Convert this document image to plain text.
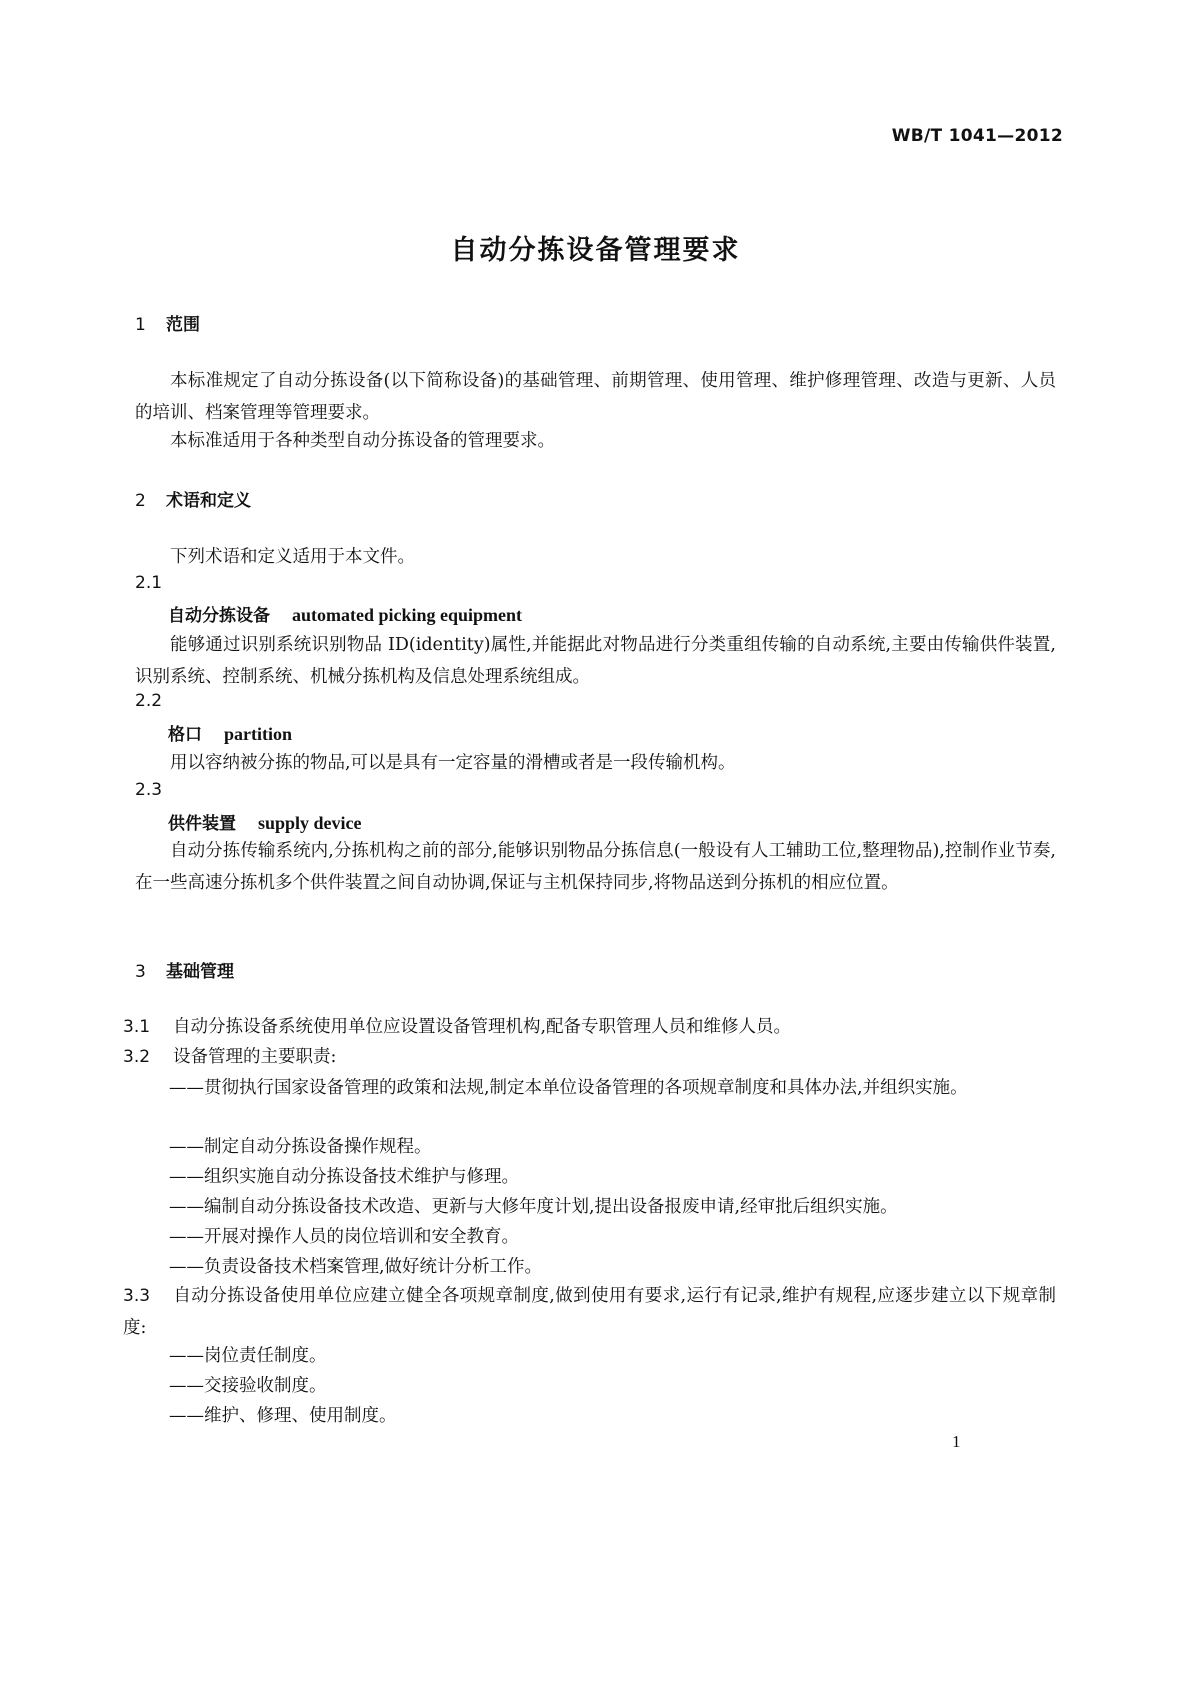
WB/T 1041—2012
自动分拣设备管理要求
1 范围
本标准规定了自动分拣设备(以下简称设备)的基础管理、前期管理、使用管理、维护修理管理、改造与更新、人员的培训、档案管理等管理要求。
本标准适用于各种类型自动分拣设备的管理要求。
2 术语和定义
下列术语和定义适用于本文件。
2.1
自动分拣设备 automated picking equipment
能够通过识别系统识别物品 ID(identity)属性,并能据此对物品进行分类重组传输的自动系统,主要由传输供件装置,识别系统、控制系统、机械分拣机构及信息处理系统组成。
2.2
格口 partition
用以容纳被分拣的物品,可以是具有一定容量的滑槽或者是一段传输机构。
2.3
供件装置 supply device
自动分拣传输系统内,分拣机构之前的部分,能够识别物品分拣信息(一般设有人工辅助工位,整理物品),控制作业节奏,在一些高速分拣机多个供件装置之间自动协调,保证与主机保持同步,将物品送到分拣机的相应位置。
3 基础管理
3.1 自动分拣设备系统使用单位应设置设备管理机构,配备专职管理人员和维修人员。
3.2 设备管理的主要职责:
——贯彻执行国家设备管理的政策和法规,制定本单位设备管理的各项规章制度和具体办法,并组织实施。
——制定自动分拣设备操作规程。
——组织实施自动分拣设备技术维护与修理。
——编制自动分拣设备技术改造、更新与大修年度计划,提出设备报废申请,经审批后组织实施。
——开展对操作人员的岗位培训和安全教育。
——负责设备技术档案管理,做好统计分析工作。
3.3 自动分拣设备使用单位应建立健全各项规章制度,做到使用有要求,运行有记录,维护有规程,应逐步建立以下规章制度:
——岗位责任制度。
——交接验收制度。
——维护、修理、使用制度。
1
